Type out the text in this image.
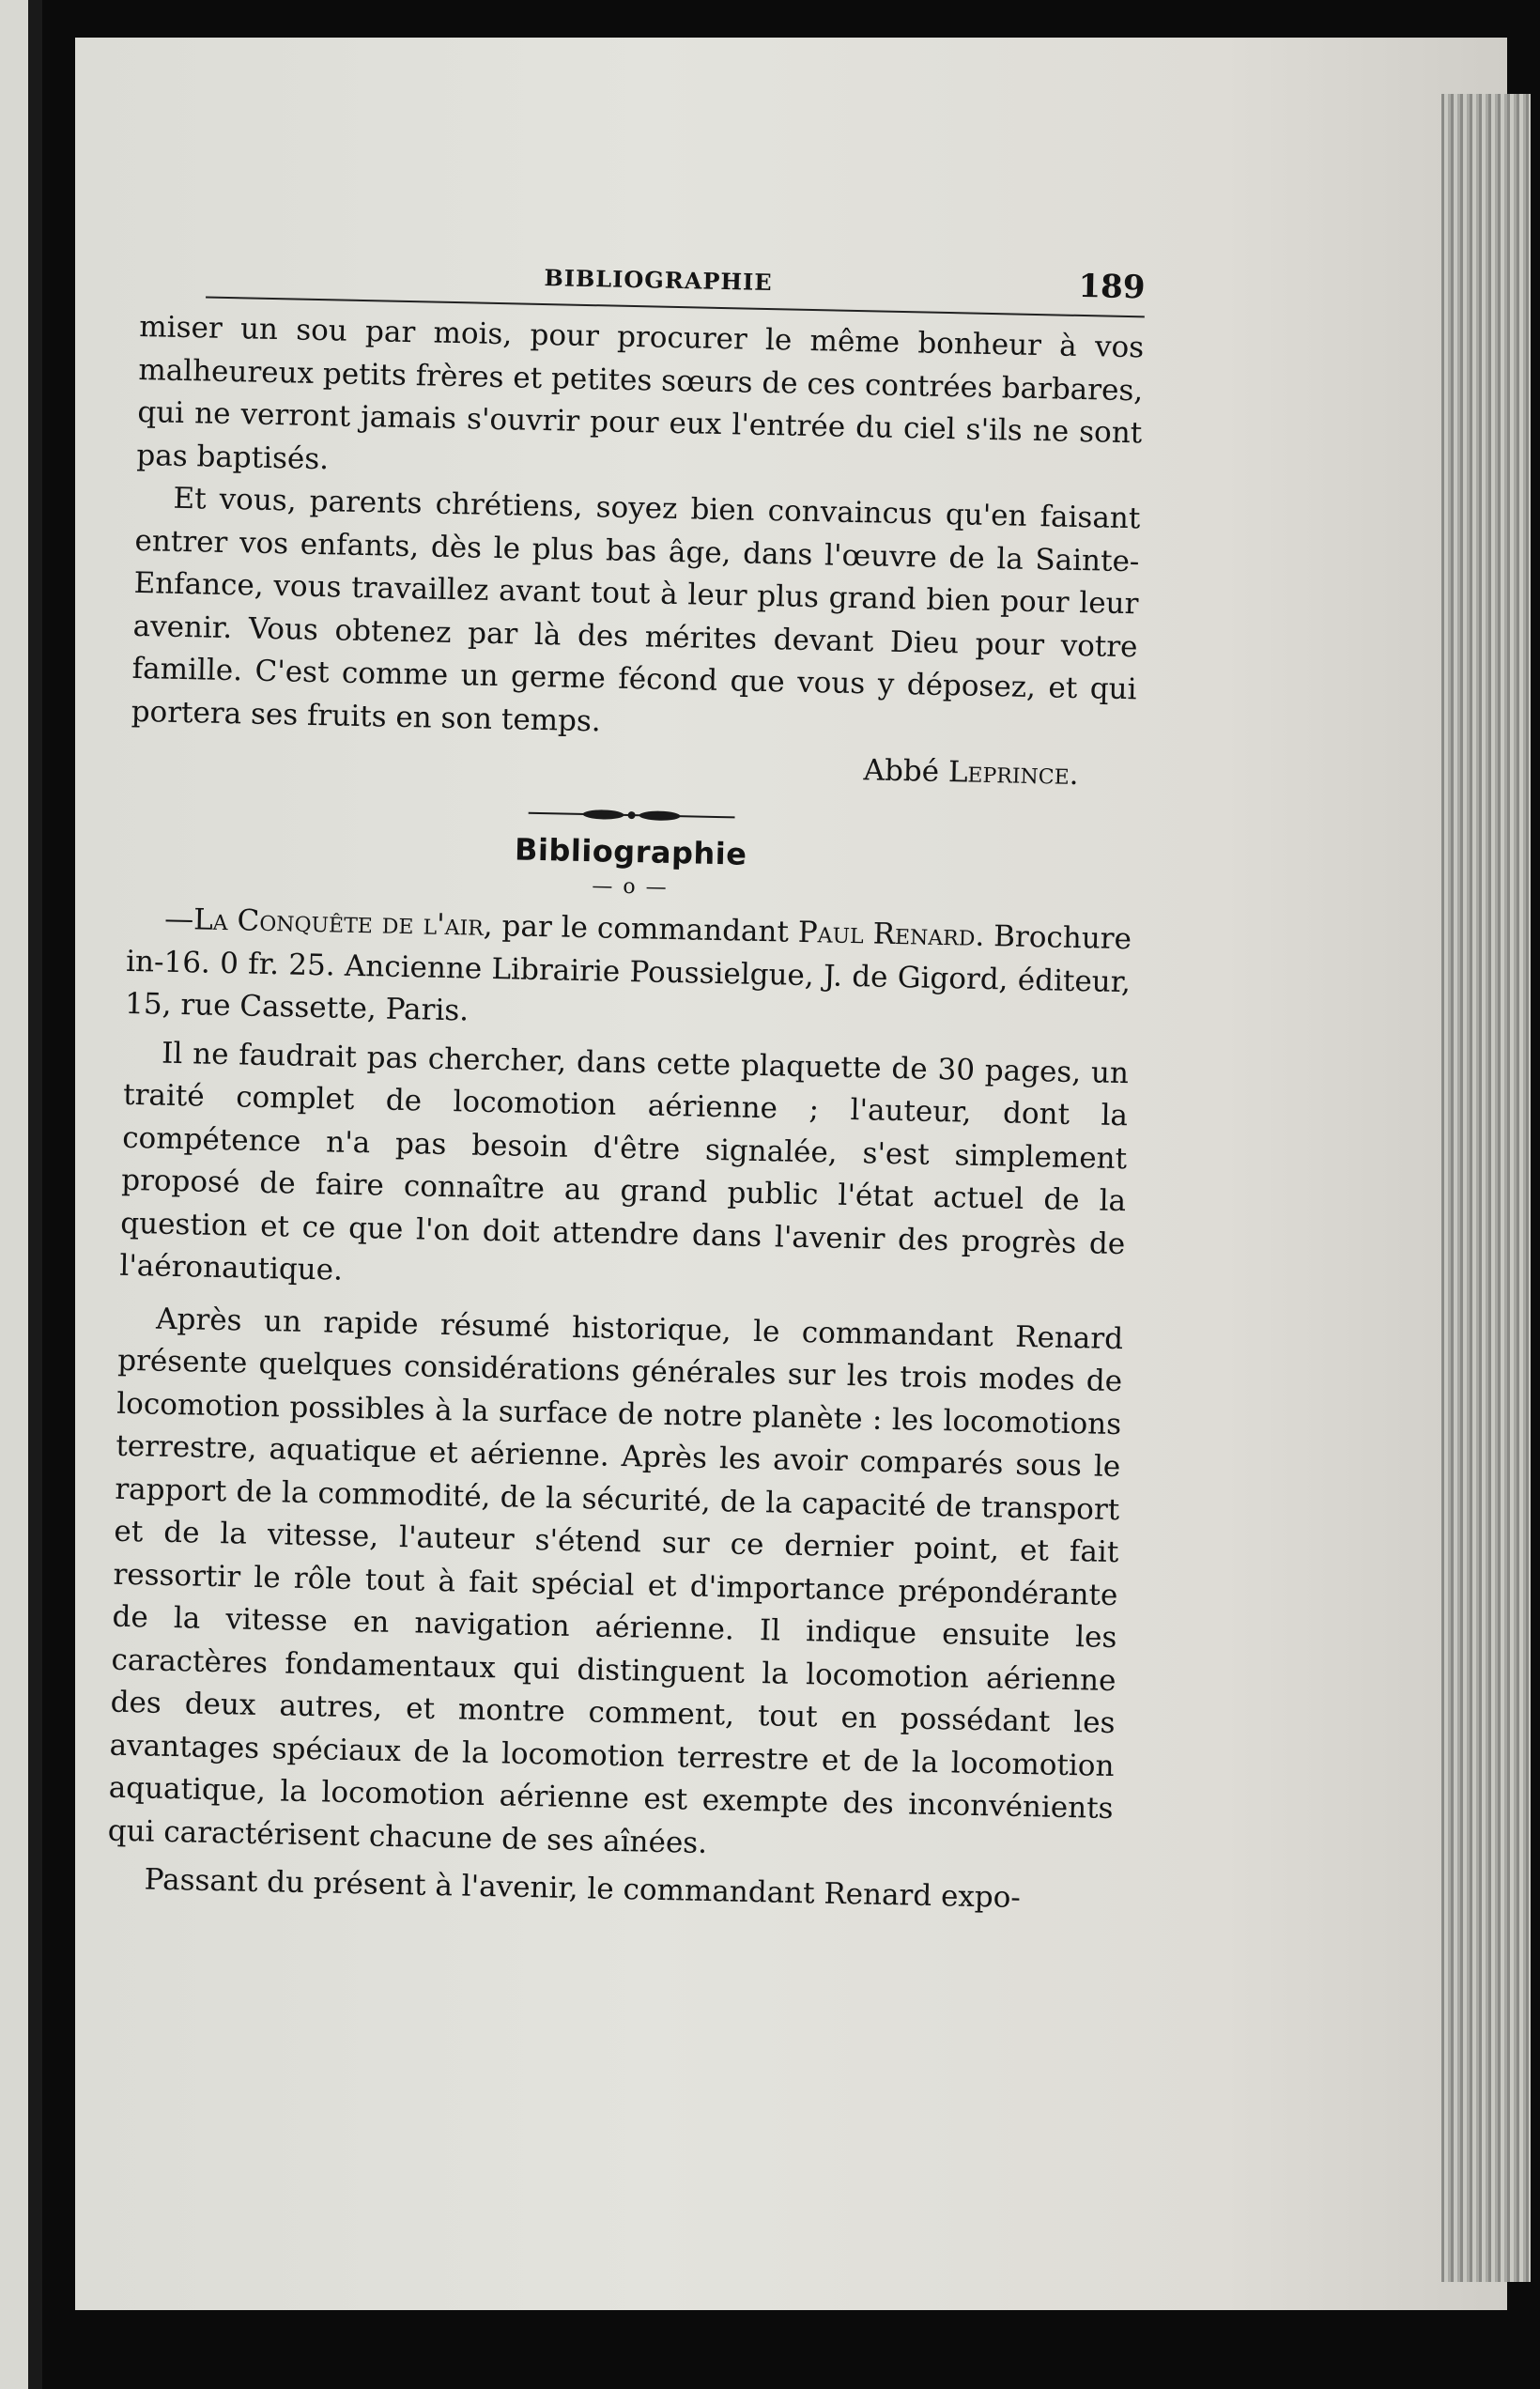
BIBLIOGRAPHIE	189

miser un sou par mois, pour procurer le même bonheur à vos malheureux petits frères et petites sœurs de ces contrées barbares, qui ne verront jamais s'ouvrir pour eux l'entrée du ciel s'ils ne sont pas baptisés.

Et vous, parents chrétiens, soyez bien convaincus qu'en faisant entrer vos enfants, dès le plus bas âge, dans l'œuvre de la Sainte-Enfance, vous travaillez avant tout à leur plus grand bien pour leur avenir. Vous obtenez par là des mérites devant Dieu pour votre famille. C'est comme un germe fécond que vous y déposez, et qui portera ses fruits en son temps.

Abbé Leprince.
Bibliographie
— o —

—La Conquête de l'air, par le commandant Paul Renard. Brochure in-16. 0 fr. 25. Ancienne Librairie Poussielgue, J. de Gigord, éditeur, 15, rue Cassette, Paris.

Il ne faudrait pas chercher, dans cette plaquette de 30 pages, un traité complet de locomotion aérienne ; l'auteur, dont la compétence n'a pas besoin d'être signalée, s'est simplement proposé de faire connaître au grand public l'état actuel de la question et ce que l'on doit attendre dans l'avenir des progrès de l'aéronautique.

Après un rapide résumé historique, le commandant Renard présente quelques considérations générales sur les trois modes de locomotion possibles à la surface de notre planète : les locomotions terrestre, aquatique et aérienne. Après les avoir comparés sous le rapport de la commodité, de la sécurité, de la capacité de transport et de la vitesse, l'auteur s'étend sur ce dernier point, et fait ressortir le rôle tout à fait spécial et d'importance prépondérante de la vitesse en navigation aérienne. Il indique ensuite les caractères fondamentaux qui distinguent la locomotion aérienne des deux autres, et montre comment, tout en possédant les avantages spéciaux de la locomotion terrestre et de la locomotion aquatique, la locomotion aérienne est exempte des inconvénients qui caractérisent chacune de ses aînées.

Passant du présent à l'avenir, le commandant Renard expo-
